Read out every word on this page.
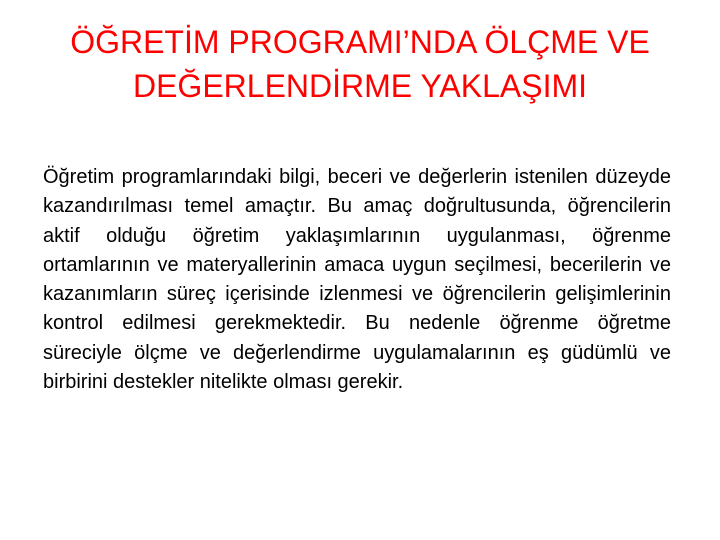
ÖĞRETİM PROGRAMI’NDA ÖLÇME VE
DEĞERLENDİRME YAKLAŞIMI

Öğretim programlarındaki bilgi, beceri ve değerlerin istenilen düzeyde kazandırılması temel amaçtır. Bu amaç doğrultusunda, öğrencilerin aktif olduğu öğretim yaklaşımlarının uygulanması, öğrenme ortamlarının ve materyallerinin amaca uygun seçilmesi, becerilerin ve kazanımların süreç içerisinde izlenmesi ve öğrencilerin gelişimlerinin kontrol edilmesi gerekmektedir. Bu nedenle öğrenme öğretme süreciyle ölçme ve değerlendirme uygulamalarının eş güdümlü ve birbirini destekler nitelikte olması gerekir.
